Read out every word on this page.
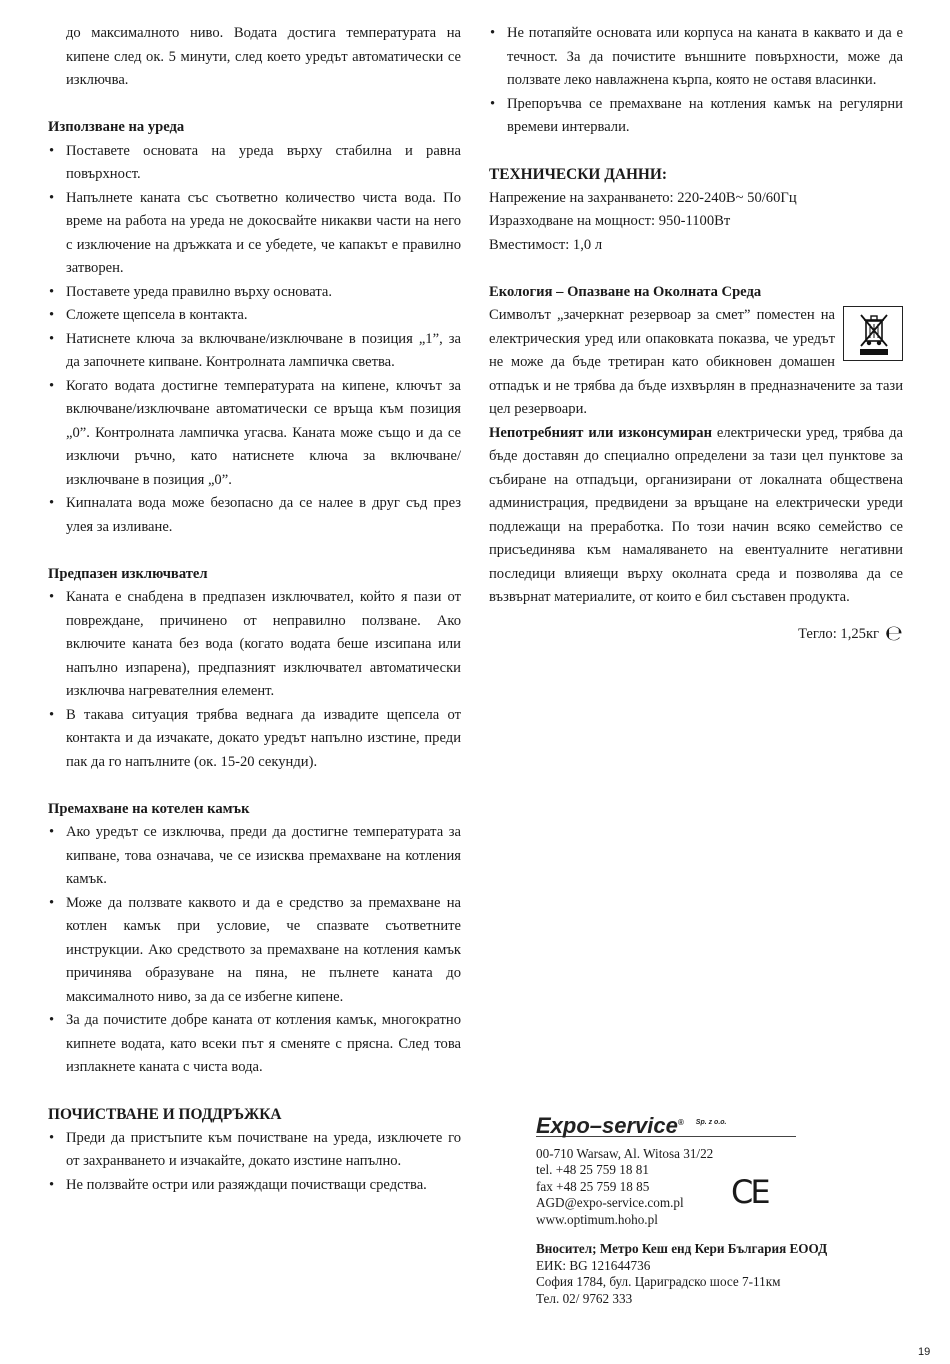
до максималното ниво. Водата достига температурата на кипене след ок. 5 минути, след което уредът автоматически се изключва.

Използване на уреда

• Поставете основата на уреда върху стабилна и равна повърхност.
• Напълнете каната със съответно количество чиста вода. По време на работа на уреда не докосвайте никакви части на него с изключение на дръжката и се убедете, че капакът е правилно затворен.
• Поставете уреда правилно върху основата.
• Сложете щепсела в контакта.
• Натиснете ключа за включване/изключване в позиция „1”, за да започнете кипване. Контролната лампичка светва.
• Когато водата достигне температурата на кипене, ключът за включване/изключване автоматически се връща към позиция „0”. Контролната лампичка угасва. Каната може също и да се изключи ръчно, като натиснете ключа за включване/изключване в позиция „0”.
• Кипналата вода може безопасно да се налее в друг съд през улея за изливане.

Предпазен изключвател

• Каната е снабдена в предпазен изключвател, който я пази от повреждане, причинено от неправилно ползване. Ако включите каната без вода (когато водата беше изсипана или напълно изпарена), предпазният изключвател автоматически изключва нагревателния елемент.
• В такава ситуация трябва веднага да извадите щепсела от контакта и да изчакате, докато уредът напълно изстине, преди пак да го напълните (ок. 15-20 секунди).

Премахване на котелен камък

• Ако уредът се изключва, преди да достигне температурата за кипване, това означава, че се изисква премахване на котления камък.
• Може да ползвате каквото и да е средство за премахване на котлен камък при условие, че спазвате съответните инструкции. Ако средството за премахване на котления камък причинява образуване на пяна, не пълнете каната до максималното ниво, за да се избегне кипене.
• За да почистите добре каната от котления камък, многократно кипнете водата, като всеки път я сменяте с прясна. След това изплакнете каната с чиста вода.

ПОЧИСТВАНЕ И ПОДДРЪЖКА

• Преди да пристъпите към почистване на уреда, изключете го от захранването и изчакайте, докато изстине напълно.
• Не ползвайте остри или разяждащи почистващи средства.
• Не потапяйте основата или корпуса на каната в каквато и да е течност. За да почистите външните повърхности, може да ползвате леко навлажнена кърпа, която не оставя власинки.
• Препоръчва се премахване на котления камък на регулярни времеви интервали.

ТЕХНИЧЕСКИ ДАННИ:

Напрежение на захранването: 220-240В~ 50/60Гц

Изразходване на мощност: 950-1100Вт

Вместимост: 1,0 л

Екология – Опазване на Околната Среда

Символът „зачеркнат резервоар за смет” поместен на електрическия уред или опаковката показва, че уредът не може да бъде третиран като обикновен домашен отпадък и не трябва да бъде изхвърлян в предназначените за тази цел резервоари.

Непотребният или изконсумиран електрически уред, трябва да бъде доставян до специално определени за тази цел пунктове за събиране на отпадъци, организирани от локалната обществена администрация, предвидени за връщане на електрически уреди подлежащи на преработка. По този начин всяко семейство се присъединява към намаляването на евентуалните негативни последици влияещи върху околната среда и позволява да се възвърнат материалите, от които е бил съставен продукта.

Тегло: 1,25кг ℮

Expo–service ® Sp. z o.o.
00-710 Warsaw, Al. Witosa 31/22
tel. +48 25 759 18 81
fax +48 25 759 18 85
AGD@expo-service.com.pl
www.optimum.hoho.pl
CE
Вносител; Метро Кеш енд Кери България ЕООД
ЕИК: BG 121644736
София 1784, бул. Цариградско шосе 7-11км
Тел. 02/ 9762 333
19
